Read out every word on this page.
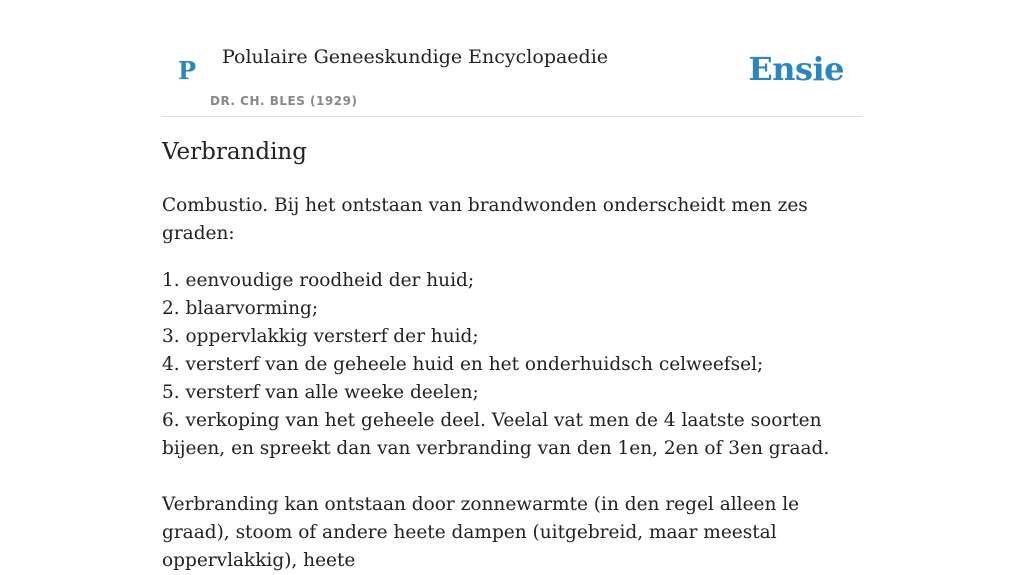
P Polulaire Geneeskundige Encyclopaedie
DR. CH. BLES (1929)
Ensie
Verbranding

Combustio. Bij het ontstaan van brandwonden onderscheidt men zes graden:

1. eenvoudige roodheid der huid;
2. blaarvorming;
3. oppervlakkig versterf der huid;
4. versterf van de geheele huid en het onderhuidsch celweefsel;
5. versterf van alle weeke deelen;
6. verkoping van het geheele deel. Veelal vat men de 4 laatste soorten bijeen, en spreekt dan van verbranding van den 1en, 2en of 3en graad.

Verbranding kan ontstaan door zonnewarmte (in den regel alleen le graad), stoom of andere heete dampen (uitgebreid, maar meestal oppervlakkig), heete
